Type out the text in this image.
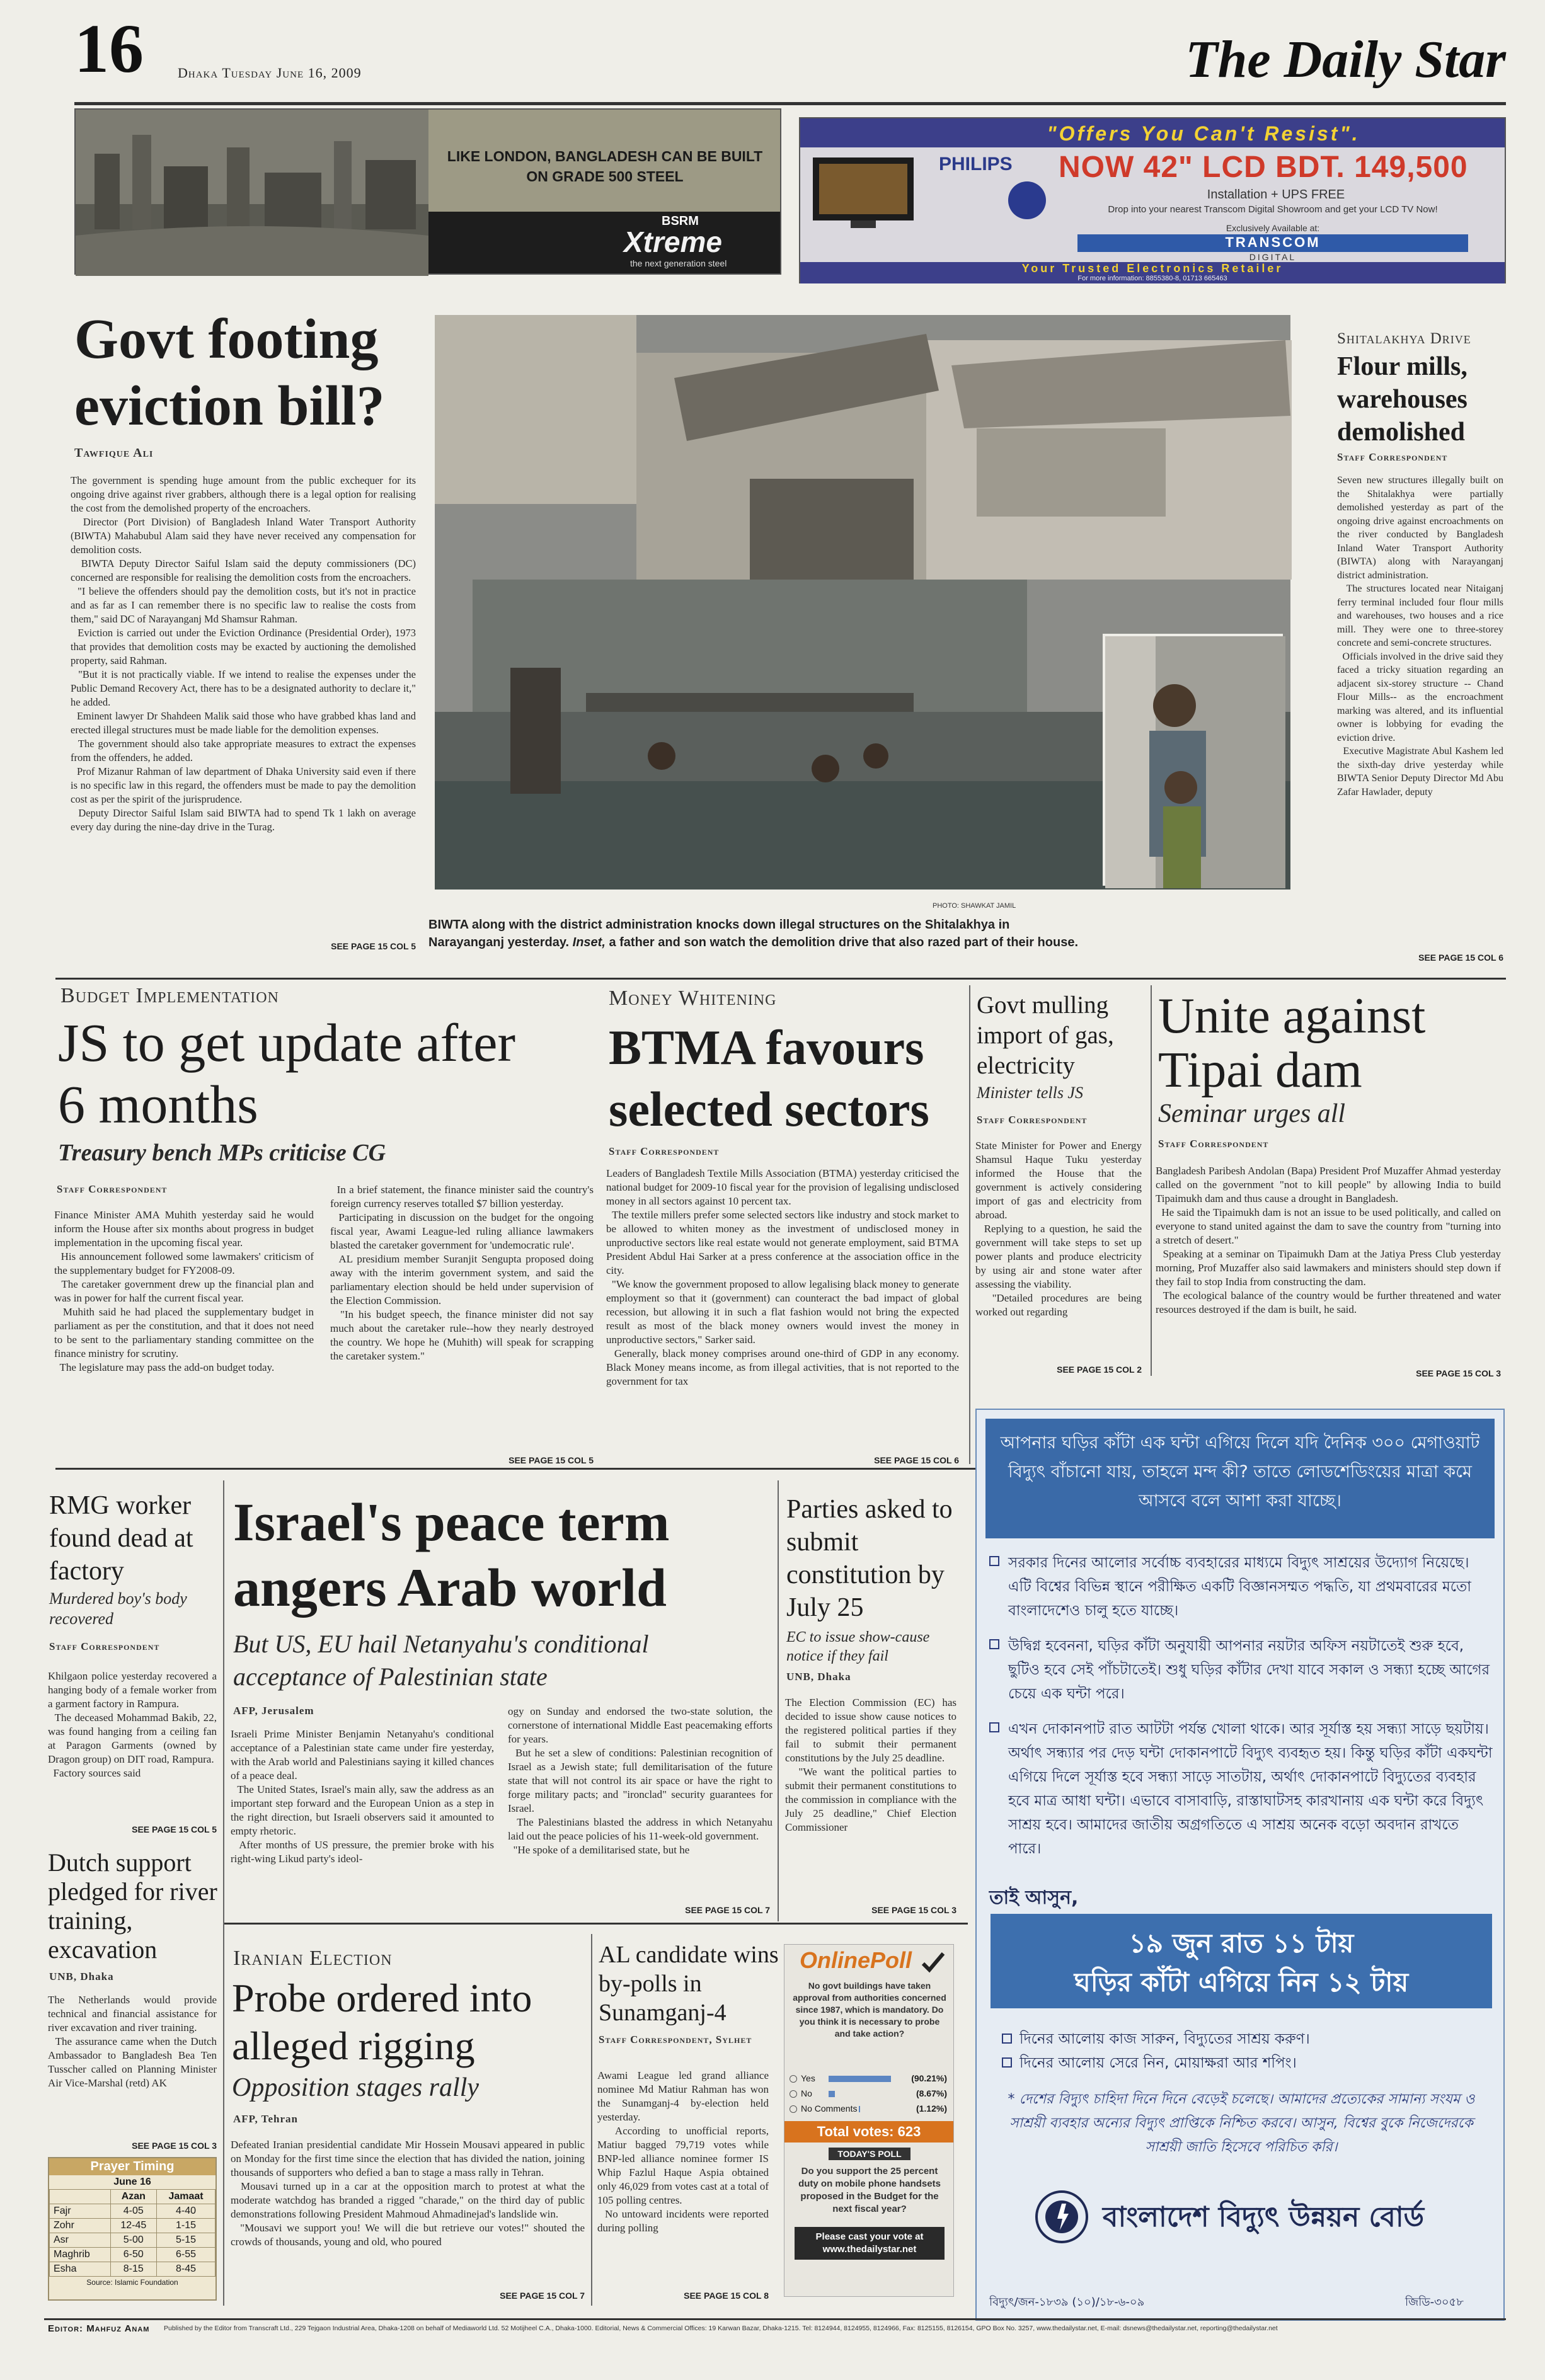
16 Dhaka Tuesday June 16, 2009	The Daily Star
LIKE LONDON, BANGLADESH CAN BE BUILT ON GRADE 500 STEEL
BSRM
Xtreme
the next generation steel
"Offers You Can't Resist".
PHILIPS NOW 42" LCD BDT. 149,500
Installation + UPS FREE
Drop into your nearest Transcom Digital Showroom and get your LCD TV Now!
Exclusively Available at:
TRANSCOM
DIGITAL
Your Trusted Electronics Retailer
For more information: 8855380-8, 01713 665463
Govt footing eviction bill?
Tawfique Ali
The government is spending huge amount from the public exchequer for its ongoing drive against river grabbers, although there is a legal option for realising the cost from the demolished property of the encroachers.
Director (Port Division) of Bangladesh Inland Water Transport Authority (BIWTA) Mahabubul Alam said they have never received any compensation for demolition costs.
BIWTA Deputy Director Saiful Islam said the deputy commissioners (DC) concerned are responsible for realising the demolition costs from the encroachers.
"I believe the offenders should pay the demolition costs, but it's not in practice and as far as I can remember there is no specific law to realise the costs from them," said DC of Narayanganj Md Shamsur Rahman.
Eviction is carried out under the Eviction Ordinance (Presidential Order), 1973 that provides that demolition costs may be exacted by auctioning the demolished property, said Rahman.
"But it is not practically viable. If we intend to realise the expenses under the Public Demand Recovery Act, there has to be a designated authority to declare it," he added.
Eminent lawyer Dr Shahdeen Malik said those who have grabbed khas land and erected illegal structures must be made liable for the demolition expenses.
The government should also take appropriate measures to extract the expenses from the offenders, he added.
Prof Mizanur Rahman of law department of Dhaka University said even if there is no specific law in this regard, the offenders must be made to pay the demolition cost as per the spirit of the jurisprudence.
Deputy Director Saiful Islam said BIWTA had to spend Tk 1 lakh on average every day during the nine-day drive in the Turag.
SEE PAGE 15 COL 5
PHOTO: SHAWKAT JAMIL
BIWTA along with the district administration knocks down illegal structures on the Shitalakhya in Narayanganj yesterday. Inset, a father and son watch the demolition drive that also razed part of their house.
Shitalakhya Drive
Flour mills, warehouses demolished
Staff Correspondent
Seven new structures illegally built on the Shitalakhya were partially demolished yesterday as part of the ongoing drive against encroachments on the river conducted by Bangladesh Inland Water Transport Authority (BIWTA) along with Narayanganj district administration.
The structures located near Nitaiganj ferry terminal included four flour mills and warehouses, two houses and a rice mill. They were one to three-storey concrete and semi-concrete structures.
Officials involved in the drive said they faced a tricky situation regarding an adjacent six-storey structure -- Chand Flour Mills-- as the encroachment marking was altered, and its influential owner is lobbying for evading the eviction drive.
Executive Magistrate Abul Kashem led the sixth-day drive yesterday while BIWTA Senior Deputy Director Md Abu Zafar Hawlader, deputy
SEE PAGE 15 COL 6
Budget Implementation
JS to get update after 6 months
Treasury bench MPs criticise CG
Staff Correspondent
Finance Minister AMA Muhith yesterday said he would inform the House after six months about progress in budget implementation in the upcoming fiscal year.
His announcement followed some lawmakers' criticism of the supplementary budget for FY2008-09.
The caretaker government drew up the financial plan and was in power for half the current fiscal year.
Muhith said he had placed the supplementary budget in parliament as per the constitution, and that it does not need to be sent to the parliamentary standing committee on the finance ministry for scrutiny.
The legislature may pass the add-on budget today.
In a brief statement, the finance minister said the country's foreign currency reserves totalled $7 billion yesterday.
Participating in discussion on the budget for the ongoing fiscal year, Awami League-led ruling alliance lawmakers blasted the caretaker government for 'undemocratic rule'.
AL presidium member Suranjit Sengupta proposed doing away with the interim government system, and said the parliamentary election should be held under supervision of the Election Commission.
"In his budget speech, the finance minister did not say much about the caretaker rule--how they nearly destroyed the country. We hope he (Muhith) will speak for scrapping the caretaker system."
SEE PAGE 15 COL 5
Money Whitening
BTMA favours selected sectors
Staff Correspondent
Leaders of Bangladesh Textile Mills Association (BTMA) yesterday criticised the national budget for 2009-10 fiscal year for the provision of legalising undisclosed money in all sectors against 10 percent tax.
The textile millers prefer some selected sectors like industry and stock market to be allowed to whiten money as the investment of undisclosed money in unproductive sectors like real estate would not generate employment, said BTMA President Abdul Hai Sarker at a press conference at the association office in the city.
"We know the government proposed to allow legalising black money to generate employment so that it (government) can counteract the bad impact of global recession, but allowing it in such a flat fashion would not bring the expected result as most of the black money owners would invest the money in unproductive sectors," Sarker said.
Generally, black money comprises around one-third of GDP in any economy. Black Money means income, as from illegal activities, that is not reported to the government for tax
SEE PAGE 15 COL 6
Govt mulling import of gas, electricity
Minister tells JS
Staff Correspondent
State Minister for Power and Energy Shamsul Haque Tuku yesterday informed the House that the government is actively considering import of gas and electricity from abroad.
Replying to a question, he said the government will take steps to set up power plants and produce electricity by using air and stone water after assessing the viability.
"Detailed procedures are being worked out regarding
SEE PAGE 15 COL 2
Unite against Tipai dam
Seminar urges all
Staff Correspondent
Bangladesh Paribesh Andolan (Bapa) President Prof Muzaffer Ahmad yesterday called on the government "not to kill people" by allowing India to build Tipaimukh dam and thus cause a drought in Bangladesh.
He said the Tipaimukh dam is not an issue to be used politically, and called on everyone to stand united against the dam to save the country from "turning into a stretch of desert."
Speaking at a seminar on Tipaimukh Dam at the Jatiya Press Club yesterday morning, Prof Muzaffer also said lawmakers and ministers should step down if they fail to stop India from constructing the dam.
The ecological balance of the country would be further threatened and water resources destroyed if the dam is built, he said.
SEE PAGE 15 COL 3
আপনার ঘড়ির কাঁটা এক ঘন্টা এগিয়ে দিলে যদি দৈনিক ৩০০ মেগাওয়াট বিদ্যুৎ বাঁচানো যায়, তাহলে মন্দ কী? তাতে লোডশেডিংয়ের মাত্রা কমে আসবে বলে আশা করা যাচ্ছে।
সরকার দিনের আলোর সর্বোচ্চ ব্যবহারের মাধ্যমে বিদ্যুৎ সাশ্রয়ের উদ্যোগ নিয়েছে। এটি বিশ্বের বিভিন্ন স্থানে পরীক্ষিত একটি বিজ্ঞানসম্মত পদ্ধতি, যা প্রথমবারের মতো বাংলাদেশেও চালু হতে যাচ্ছে।
উদ্বিগ্ন হবেননা, ঘড়ির কাঁটা অনুযায়ী আপনার নয়টার অফিস নয়টাতেই শুরু হবে, ছুটিও হবে সেই পাঁচটাতেই। শুধু ঘড়ির কাঁটার দেখা যাবে সকাল ও সন্ধ্যা হচ্ছে আগের চেয়ে এক ঘন্টা পরে।
এখন দোকানপাট রাত আটটা পর্যন্ত খোলা থাকে। আর সূর্যাস্ত হয় সন্ধ্যা সাড়ে ছয়টায়। অর্থাৎ সন্ধ্যার পর দেড় ঘন্টা দোকানপাটে বিদ্যুৎ ব্যবহৃত হয়। কিন্তু ঘড়ির কাঁটা একঘন্টা এগিয়ে দিলে সূর্যাস্ত হবে সন্ধ্যা সাড়ে সাতটায়, অর্থাৎ দোকানপাটে বিদ্যুতের ব্যবহার হবে মাত্র আধা ঘন্টা। এভাবে বাসাবাড়ি, রাস্তাঘাটসহ কারখানায় এক ঘন্টা করে বিদ্যুৎ সাশ্রয় হবে। আমাদের জাতীয় অগ্রগতিতে এ সাশ্রয় অনেক বড়ো অবদান রাখতে পারে।
তাই আসুন,
১৯ জুন রাত ১১ টায়
ঘড়ির কাঁটা এগিয়ে নিন ১২ টায়
দিনের আলোয় কাজ সারুন, বিদ্যুতের সাশ্রয় করুণ।
দিনের আলোয় সেরে নিন, মোয়াক্ষরা আর শপিং।
* দেশের বিদ্যুৎ চাহিদা দিনে দিনে বেড়েই চলেছে। আমাদের প্রত্যেকের সামান্য সংযম ও সাশ্রয়ী ব্যবহার অন্যের বিদ্যুৎ প্রাপ্তিকে নিশ্চিত করবে। আসুন, বিশ্বের বুকে নিজেদেরকে সাশ্রয়ী জাতি হিসেবে পরিচিত করি।
বাংলাদেশ বিদ্যুৎ উন্নয়ন বোর্ড
বিদ্যুৎ/জন-১৮৩৯ (১০)/১৮-৬-০৯	জিডি-৩০৫৮
RMG worker found dead at factory
Murdered boy's body recovered
Staff Correspondent
Khilgaon police yesterday recovered a hanging body of a female worker from a garment factory in Rampura.
The deceased Mohammad Bakib, 22, was found hanging from a ceiling fan at Paragon Garments (owned by Dragon group) on DIT road, Rampura.
Factory sources said
SEE PAGE 15 COL 5
Dutch support pledged for river training, excavation
UNB, Dhaka
The Netherlands would provide technical and financial assistance for river excavation and river training.
The assurance came when the Dutch Ambassador to Bangladesh Bea Ten Tusscher called on Planning Minister Air Vice-Marshal (retd) AK
SEE PAGE 15 COL 3
Prayer Timing
June 16
	Azan	Jamaat
Fajr	4-05	4-40
Zohr	12-45	1-15
Asr	5-00	5-15
Maghrib	6-50	6-55
Esha	8-15	8-45
Source: Islamic Foundation
Israel's peace term angers Arab world
But US, EU hail Netanyahu's conditional acceptance of Palestinian state
AFP, Jerusalem
Israeli Prime Minister Benjamin Netanyahu's conditional acceptance of a Palestinian state came under fire yesterday, with the Arab world and Palestinians saying it killed chances of a peace deal.
The United States, Israel's main ally, saw the address as an important step forward and the European Union as a step in the right direction, but Israeli observers said it amounted to empty rhetoric.
After months of US pressure, the premier broke with his right-wing Likud party's ideol-
ogy on Sunday and endorsed the two-state solution, the cornerstone of international Middle East peacemaking efforts for years.
But he set a slew of conditions: Palestinian recognition of Israel as a Jewish state; full demilitarisation of the future state that will not control its air space or have the right to forge military pacts; and "ironclad" security guarantees for Israel.
The Palestinians blasted the address in which Netanyahu laid out the peace policies of his 11-week-old government.
"He spoke of a demilitarised state, but he
SEE PAGE 15 COL 7
Parties asked to submit constitution by July 25
EC to issue show-cause notice if they fail
UNB, Dhaka
The Election Commission (EC) has decided to issue show cause notices to the registered political parties if they fail to submit their permanent constitutions by the July 25 deadline.
"We want the political parties to submit their permanent constitutions to the commission in compliance with the July 25 deadline," Chief Election Commissioner
SEE PAGE 15 COL 3
Iranian Election
Probe ordered into alleged rigging
Opposition stages rally
AFP, Tehran
Defeated Iranian presidential candidate Mir Hossein Mousavi appeared in public on Monday for the first time since the election that has divided the nation, joining thousands of supporters who defied a ban to stage a mass rally in Tehran.
Mousavi turned up in a car at the opposition march to protest at what the moderate watchdog has branded a rigged "charade," on the third day of public demonstrations following President Mahmoud Ahmadinejad's landslide win.
"Mousavi we support you! We will die but retrieve our votes!" shouted the crowds of thousands, young and old, who poured
SEE PAGE 15 COL 7
AL candidate wins by-polls in Sunamganj-4
Staff Correspondent, Sylhet
Awami League led grand alliance nominee Md Matiur Rahman has won the Sunamganj-4 by-election held yesterday.
According to unofficial reports, Matiur bagged 79,719 votes while BNP-led alliance nominee former IS Whip Fazlul Haque Aspia obtained only 46,029 from votes cast at a total of 105 polling centres.
No untoward incidents were reported during polling
SEE PAGE 15 COL 8
OnlinePoll
No govt buildings have taken approval from authorities concerned since 1987, which is mandatory. Do you think it is necessary to probe and take action?
Yes	(90.21%)
No	(8.67%)
No Comments	(1.12%)
Total votes: 623
TODAY'S POLL
Do you support the 25 percent duty on mobile phone handsets proposed in the Budget for the next fiscal year?
Please cast your vote at www.thedailystar.net
Editor: Mahfuz Anam Published by the Editor from Transcraft Ltd., 229 Tejgaon Industrial Area, Dhaka-1208 on behalf of Mediaworld Ltd. 52 Motijheel C.A., Dhaka-1000. Editorial, News & Commercial Offices: 19 Karwan Bazar, Dhaka-1215. Tel: 8124944, 8124955, 8124966, Fax: 8125155, 8126154, GPO Box No. 3257, www.thedailystar.net, E-mail: dsnews@thedailystar.net, reporting@thedailystar.net
